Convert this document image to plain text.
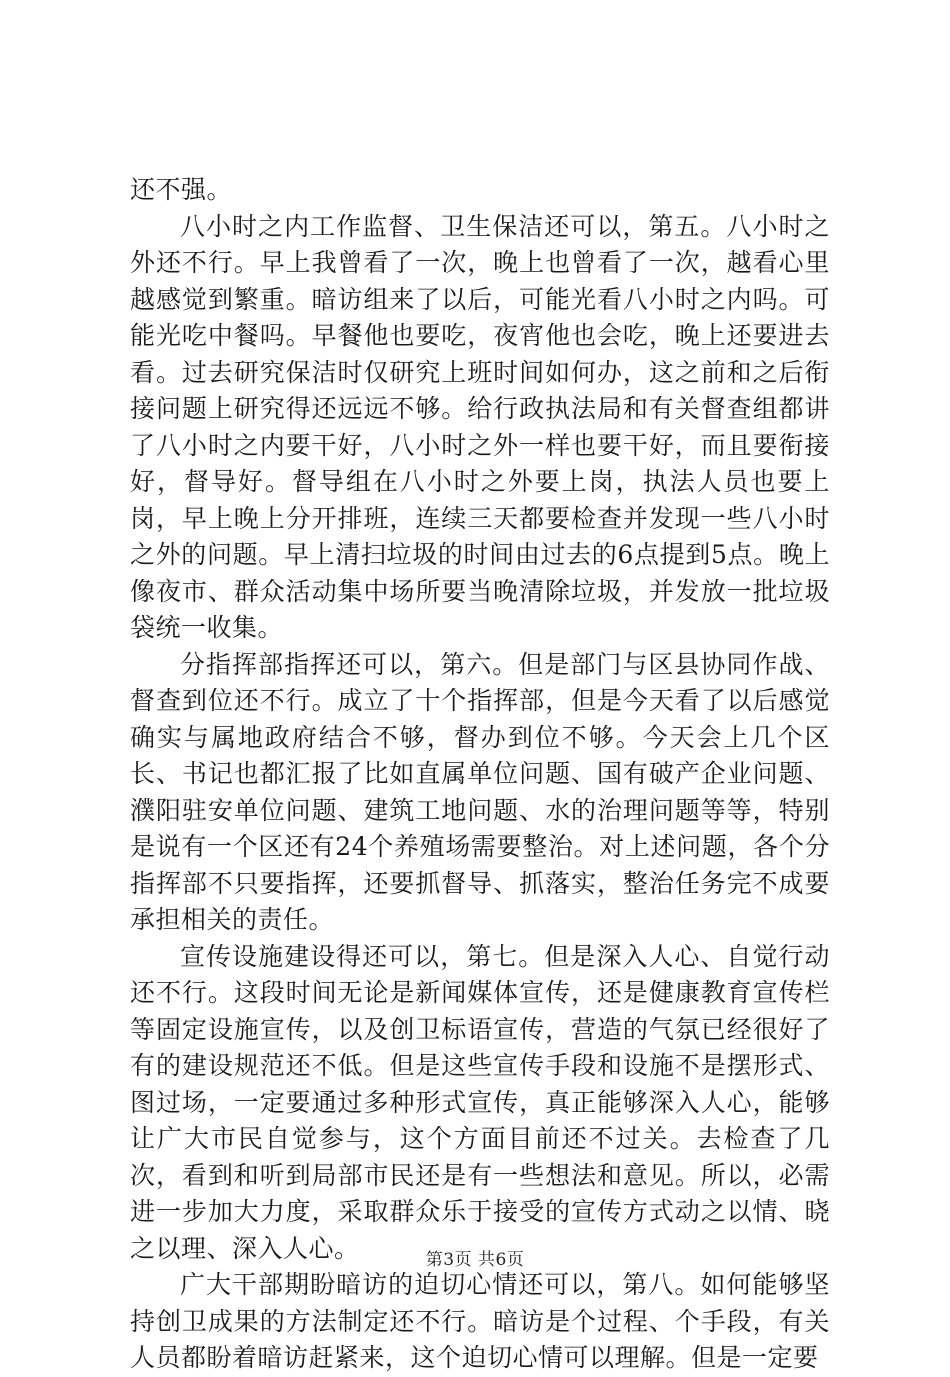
还不强。

八小时之内工作监督、卫生保洁还可以，第五。八小时之外还不行。早上我曾看了一次，晚上也曾看了一次，越看心里越感觉到繁重。暗访组来了以后，可能光看八小时之内吗。可能光吃中餐吗。早餐他也要吃，夜宵他也会吃，晚上还要进去看。过去研究保洁时仅研究上班时间如何办，这之前和之后衔接问题上研究得还远远不够。给行政执法局和有关督查组都讲了八小时之内要干好，八小时之外一样也要干好，而且要衔接好，督导好。督导组在八小时之外要上岗，执法人员也要上岗，早上晚上分开排班，连续三天都要检查并发现一些八小时之外的问题。早上清扫垃圾的时间由过去的6点提到5点。晚上像夜市、群众活动集中场所要当晚清除垃圾，并发放一批垃圾袋统一收集。

分指挥部指挥还可以，第六。但是部门与区县协同作战、督查到位还不行。成立了十个指挥部，但是今天看了以后感觉确实与属地政府结合不够，督办到位不够。今天会上几个区长、书记也都汇报了比如直属单位问题、国有破产企业问题、濮阳驻安单位问题、建筑工地问题、水的治理问题等等，特别是说有一个区还有24个养殖场需要整治。对上述问题，各个分指挥部不只要指挥，还要抓督导、抓落实，整治任务完不成要承担相关的责任。

宣传设施建设得还可以，第七。但是深入人心、自觉行动还不行。这段时间无论是新闻媒体宣传，还是健康教育宣传栏等固定设施宣传，以及创卫标语宣传，营造的气氛已经很好了有的建设规范还不低。但是这些宣传手段和设施不是摆形式、图过场，一定要通过多种形式宣传，真正能够深入人心，能够让广大市民自觉参与，这个方面目前还不过关。去检查了几次，看到和听到局部市民还是有一些想法和意见。所以，必需进一步加大力度，采取群众乐于接受的宣传方式动之以情、晓之以理、深入人心。

广大干部期盼暗访的迫切心情还可以，第八。如何能够坚持创卫成果的方法制定还不行。暗访是个过程、个手段，有关人员都盼着暗访赶紧来，这个迫切心情可以理解。但是一定要

第3页 共6页
